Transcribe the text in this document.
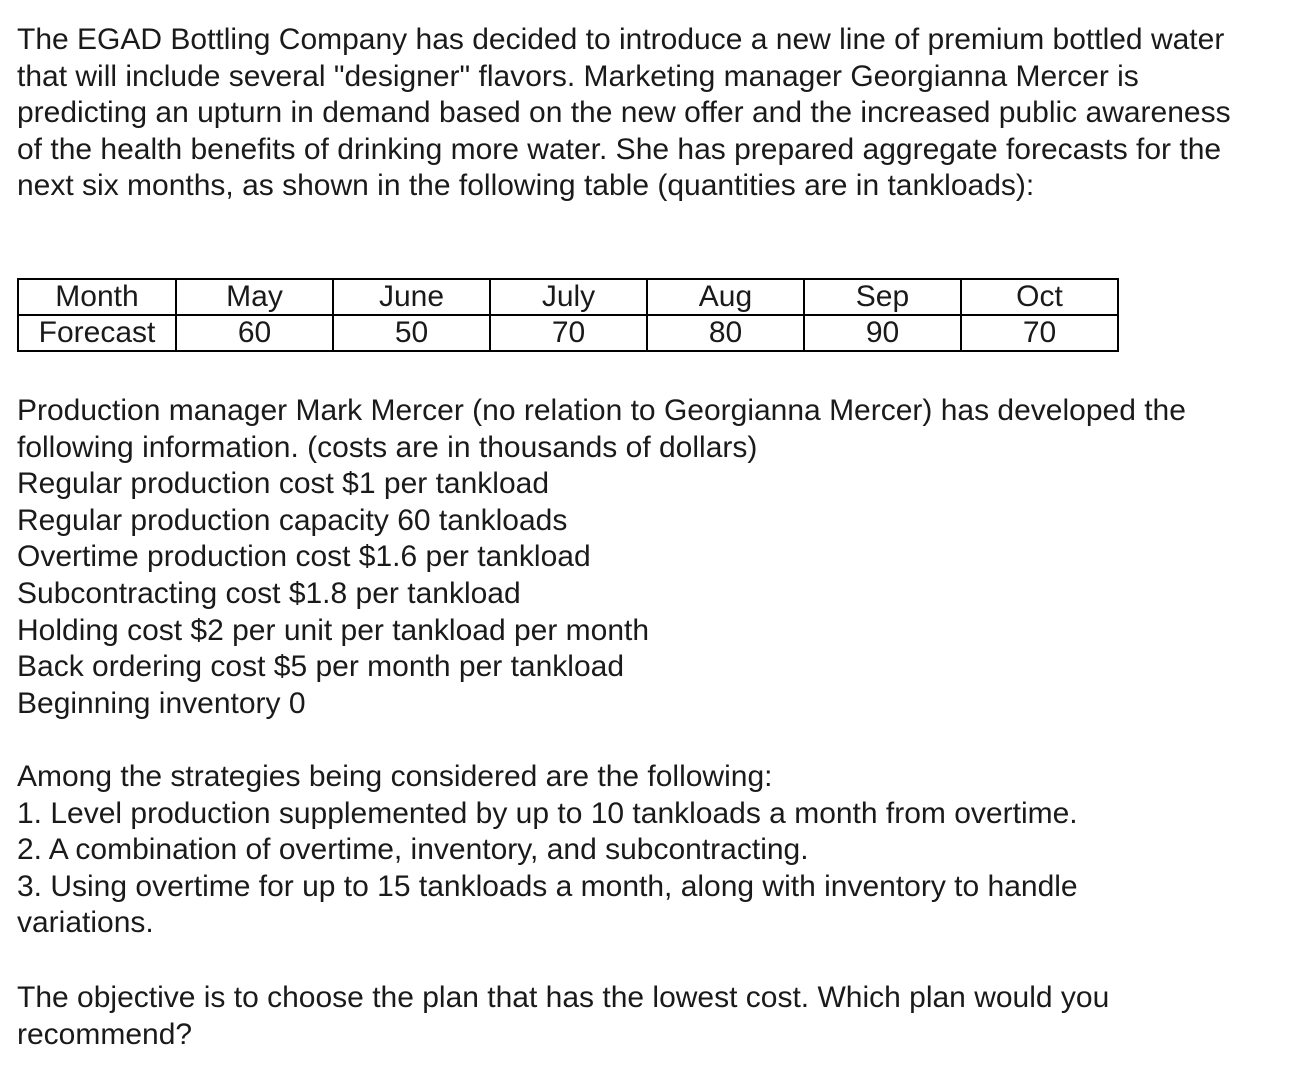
The EGAD Bottling Company has decided to introduce a new line of premium bottled water that will include several "designer" flavors. Marketing manager Georgianna Mercer is predicting an upturn in demand based on the new offer and the increased public awareness of the health benefits of drinking more water. She has prepared aggregate forecasts for the next six months, as shown in the following table (quantities are in tankloads):

Month	May	June	July	Aug	Sep	Oct
Forecast	60	50	70	80	90	70
Production manager Mark Mercer (no relation to Georgianna Mercer) has developed the
following information. (costs are in thousands of dollars)
Regular production cost $1 per tankload
Regular production capacity 60 tankloads
Overtime production cost $1.6 per tankload
Subcontracting cost $1.8 per tankload
Holding cost $2 per unit per tankload per month
Back ordering cost $5 per month per tankload
Beginning inventory 0
Among the strategies being considered are the following:
1. Level production supplemented by up to 10 tankloads a month from overtime.
2. A combination of overtime, inventory, and subcontracting.
3. Using overtime for up to 15 tankloads a month, along with inventory to handle
variations.
The objective is to choose the plan that has the lowest cost. Which plan would you
recommend?
